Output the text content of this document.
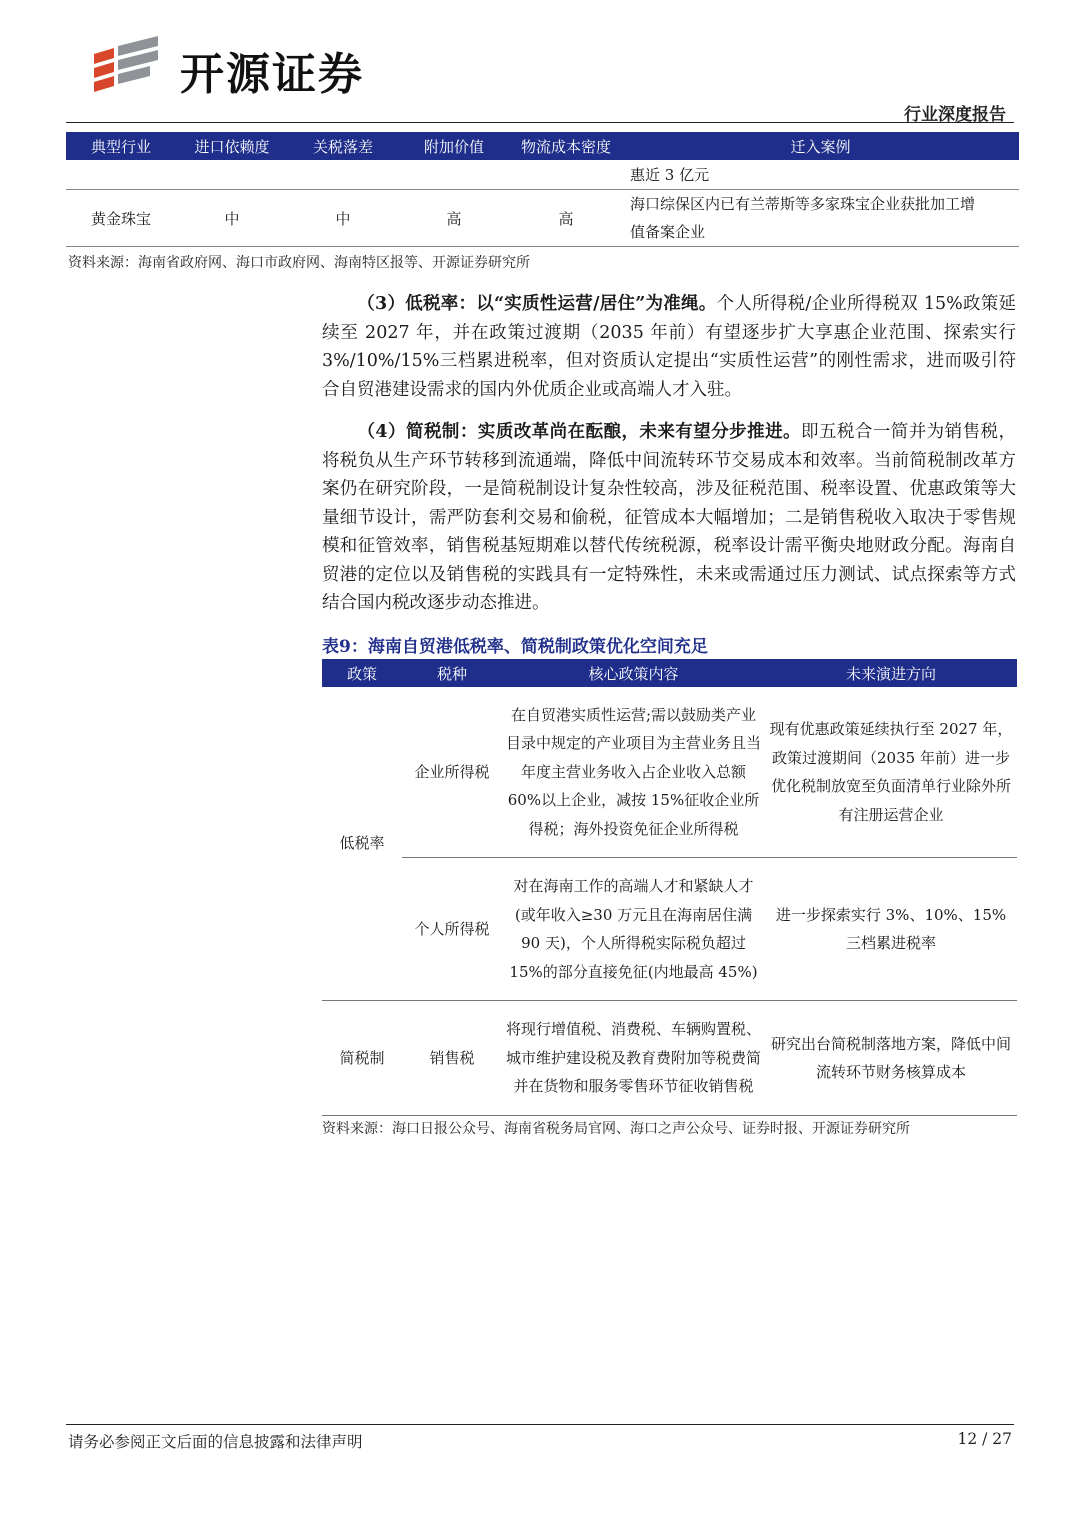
开源证券
行业深度报告
典型行业	进口依赖度	关税落差	附加价值	物流成本密度	迁入案例
					惠近 3 亿元
黄金珠宝	中	中	高	高	海口综保区内已有兰蒂斯等多家珠宝企业获批加工增
值备案企业
资料来源：海南省政府网、海口市政府网、海南特区报等、开源证券研究所

  （3）低税率：以“实质性运营/居住”为准绳。个人所得税/企业所得税双 15%政策延续至 2027 年，并在政策过渡期（2035 年前）有望逐步扩大享惠企业范围、探索实行 3%/10%/15%三档累进税率，但对资质认定提出“实质性运营”的刚性需求，进而吸引符合自贸港建设需求的国内外优质企业或高端人才入驻。

  （4）简税制：实质改革尚在酝酿，未来有望分步推进。即五税合一简并为销售税，将税负从生产环节转移到流通端，降低中间流转环节交易成本和效率。当前简税制改革方案仍在研究阶段，一是简税制设计复杂性较高，涉及征税范围、税率设置、优惠政策等大量细节设计，需严防套利交易和偷税，征管成本大幅增加；二是销售税收入取决于零售规模和征管效率，销售税基短期难以替代传统税源，税率设计需平衡央地财政分配。海南自贸港的定位以及销售税的实践具有一定特殊性，未来或需通过压力测试、试点探索等方式结合国内税改逐步动态推进。

表9：海南自贸港低税率、简税制政策优化空间充足
政策	税种	核心政策内容	未来演进方向
低税率	企业所得税	在自贸港实质性运营;需以鼓励类产业目录中规定的产业项目为主营业务且当年度主营业务收入占企业收入总额 60%以上企业，减按 15%征收企业所得税；海外投资免征企业所得税	现有优惠政策延续执行至 2027 年，政策过渡期间（2035 年前）进一步优化税制放宽至负面清单行业除外所有注册运营企业
	个人所得税	对在海南工作的高端人才和紧缺人才(或年收入≥30 万元且在海南居住满 90 天)，个人所得税实际税负超过 15%的部分直接免征(内地最高 45%)	进一步探索实行 3%、10%、15%三档累进税率
简税制	销售税	将现行增值税、消费税、车辆购置税、城市维护建设税及教育费附加等税费简并在货物和服务零售环节征收销售税	研究出台简税制落地方案，降低中间流转环节财务核算成本
资料来源：海口日报公众号、海南省税务局官网、海口之声公众号、证券时报、开源证券研究所
请务必参阅正文后面的信息披露和法律声明	12 / 27
